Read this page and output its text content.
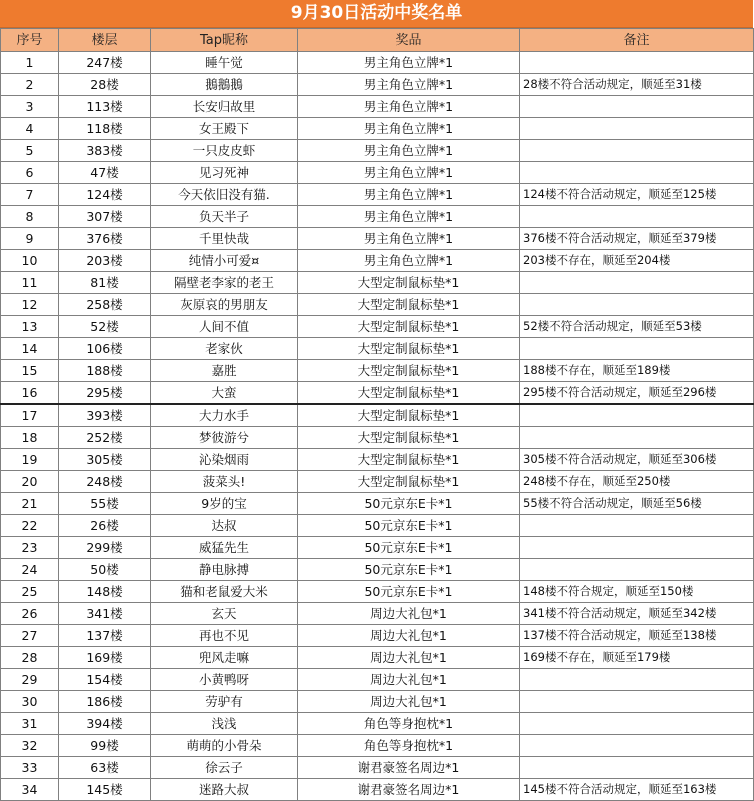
9月30日活动中奖名单
序号	楼层	Tap昵称	奖品	备注
1	247楼	睡午觉	男主角色立牌*1	
2	28楼	鵝鵝鵝	男主角色立牌*1	28楼不符合活动规定，顺延至31楼
3	113楼	长安归故里	男主角色立牌*1	
4	118楼	女王殿下	男主角色立牌*1	
5	383楼	一只皮皮虾	男主角色立牌*1	
6	47楼	见习死神	男主角色立牌*1	
7	124楼	今天依旧没有猫.	男主角色立牌*1	124楼不符合活动规定，顺延至125楼
8	307楼	负天半子	男主角色立牌*1	
9	376楼	千里快哉	男主角色立牌*1	376楼不符合活动规定，顺延至379楼
10	203楼	纯情小可爱¤	男主角色立牌*1	203楼不存在，顺延至204楼
11	81楼	隔壁老李家的老王	大型定制鼠标垫*1	
12	258楼	灰原哀的男朋友	大型定制鼠标垫*1	
13	52楼	人间不值	大型定制鼠标垫*1	52楼不符合活动规定，顺延至53楼
14	106楼	老家伙	大型定制鼠标垫*1	
15	188楼	嘉胜	大型定制鼠标垫*1	188楼不存在，顺延至189楼
16	295楼	大蛮	大型定制鼠标垫*1	295楼不符合活动规定，顺延至296楼
17	393楼	大力水手	大型定制鼠标垫*1	
18	252楼	梦彼游兮	大型定制鼠标垫*1	
19	305楼	沁染烟雨	大型定制鼠标垫*1	305楼不符合活动规定，顺延至306楼
20	248楼	菠菜头!	大型定制鼠标垫*1	248楼不存在，顺延至250楼
21	55楼	9岁的宝	50元京东E卡*1	55楼不符合活动规定，顺延至56楼
22	26楼	达叔	50元京东E卡*1	
23	299楼	威猛先生	50元京东E卡*1	
24	50楼	静电脉搏	50元京东E卡*1	
25	148楼	猫和老鼠爱大米	50元京东E卡*1	148楼不符合规定，顺延至150楼
26	341楼	玄天	周边大礼包*1	341楼不符合活动规定，顺延至342楼
27	137楼	再也不见	周边大礼包*1	137楼不符合活动规定，顺延至138楼
28	169楼	兜风走嘛	周边大礼包*1	169楼不存在，顺延至179楼
29	154楼	小黄鸭呀	周边大礼包*1	
30	186楼	劳驴有	周边大礼包*1	
31	394楼	浅浅	角色等身抱枕*1	
32	99楼	萌萌的小骨朵	角色等身抱枕*1	
33	63楼	徐云子	谢君豪签名周边*1	
34	145楼	迷路大叔	谢君豪签名周边*1	145楼不符合活动规定，顺延至163楼
